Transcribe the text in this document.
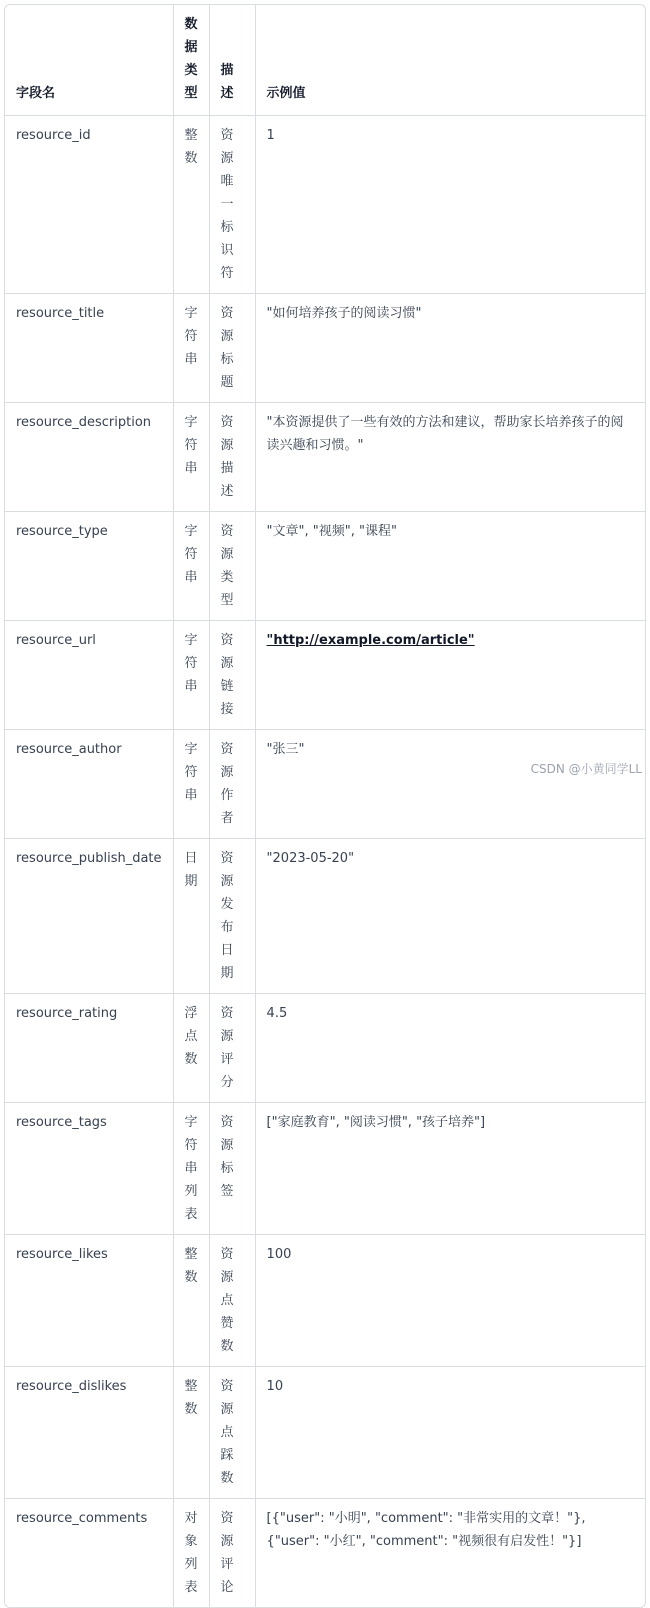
字段名	数据类型	描述	示例值
resource_id	整数	资源唯一标识符	1
resource_title	字符串	资源标题	"如何培养孩子的阅读习惯"
resource_description	字符串	资源描述	"本资源提供了一些有效的方法和建议，帮助家长培养孩子的阅读兴趣和习惯。"
resource_type	字符串	资源类型	"文章", "视频", "课程"
resource_url	字符串	资源链接	"http://example.com/article"
resource_author	字符串	资源作者	"张三"
resource_publish_date	日期	资源发布日期	"2023-05-20"
resource_rating	浮点数	资源评分	4.5
resource_tags	字符串列表	资源标签	["家庭教育", "阅读习惯", "孩子培养"]
resource_likes	整数	资源点赞数	100
resource_dislikes	整数	资源点踩数	10
resource_comments	对象列表	资源评论	[{"user": "小明", "comment": "非常实用的文章！"}, {"user": "小红", "comment": "视频很有启发性！"}]
CSDN @小黄同学LL
